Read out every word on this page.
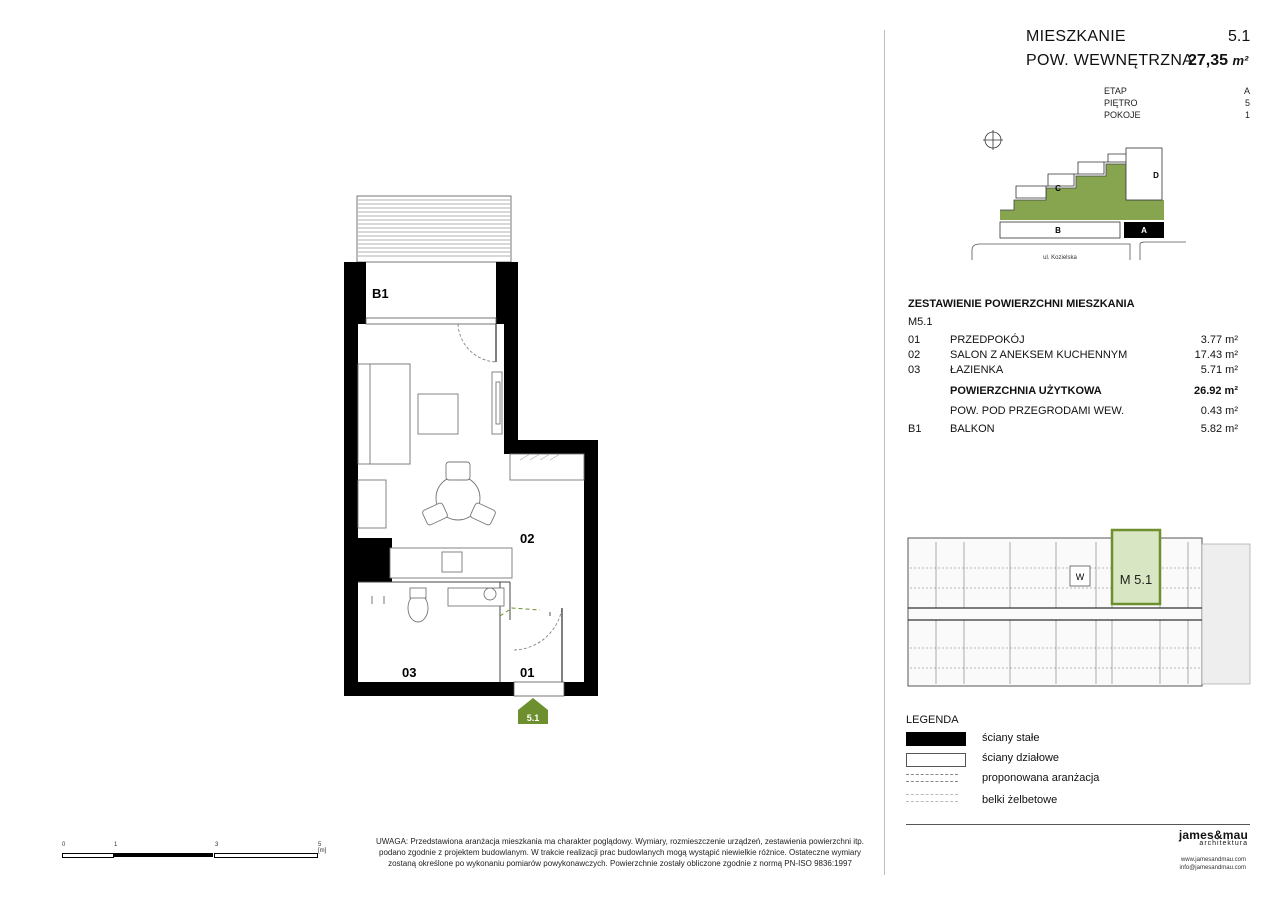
B1
02
03	01
5.1
MIESZKANIE	5.1
POW. WEWNĘTRZNA
27,35 m²
ETAP	A
PIĘTRO	5
POKOJE	1
D
C
B	A
ul. Kozielska
ZESTAWIENIE POWIERZCHNI MIESZKANIA
M5.1
01	PRZEDPOKÓJ	3.77 m²
02	SALON Z ANEKSEM KUCHENNYM	17.43 m²
03	ŁAZIENKA	5.71 m²
POWIERZCHNIA UŻYTKOWA	26.92 m²
POW. POD PRZEGRODAMI WEW.	0.43 m²
B1	BALKON	5.82 m²
W	M 5.1
LEGENDA
ściany stałe
ściany działowe
proponowana aranżacja
belki żelbetowe
james&mau
architektura
www.jamesandmau.com
info@jamesandmau.com
0	1	3	5 [m]
UWAGA: Przedstawiona aranżacja mieszkania ma charakter poglądowy. Wymiary, rozmieszczenie urządzeń, zestawienia powierzchni itp.
podano zgodnie z projektem budowlanym. W trakcie realizacji prac budowlanych mogą wystąpić niewielkie różnice. Ostateczne wymiary
zostaną określone po wykonaniu pomiarów powykonawczych. Powierzchnie zostały obliczone zgodnie z normą PN-ISO 9836:1997
